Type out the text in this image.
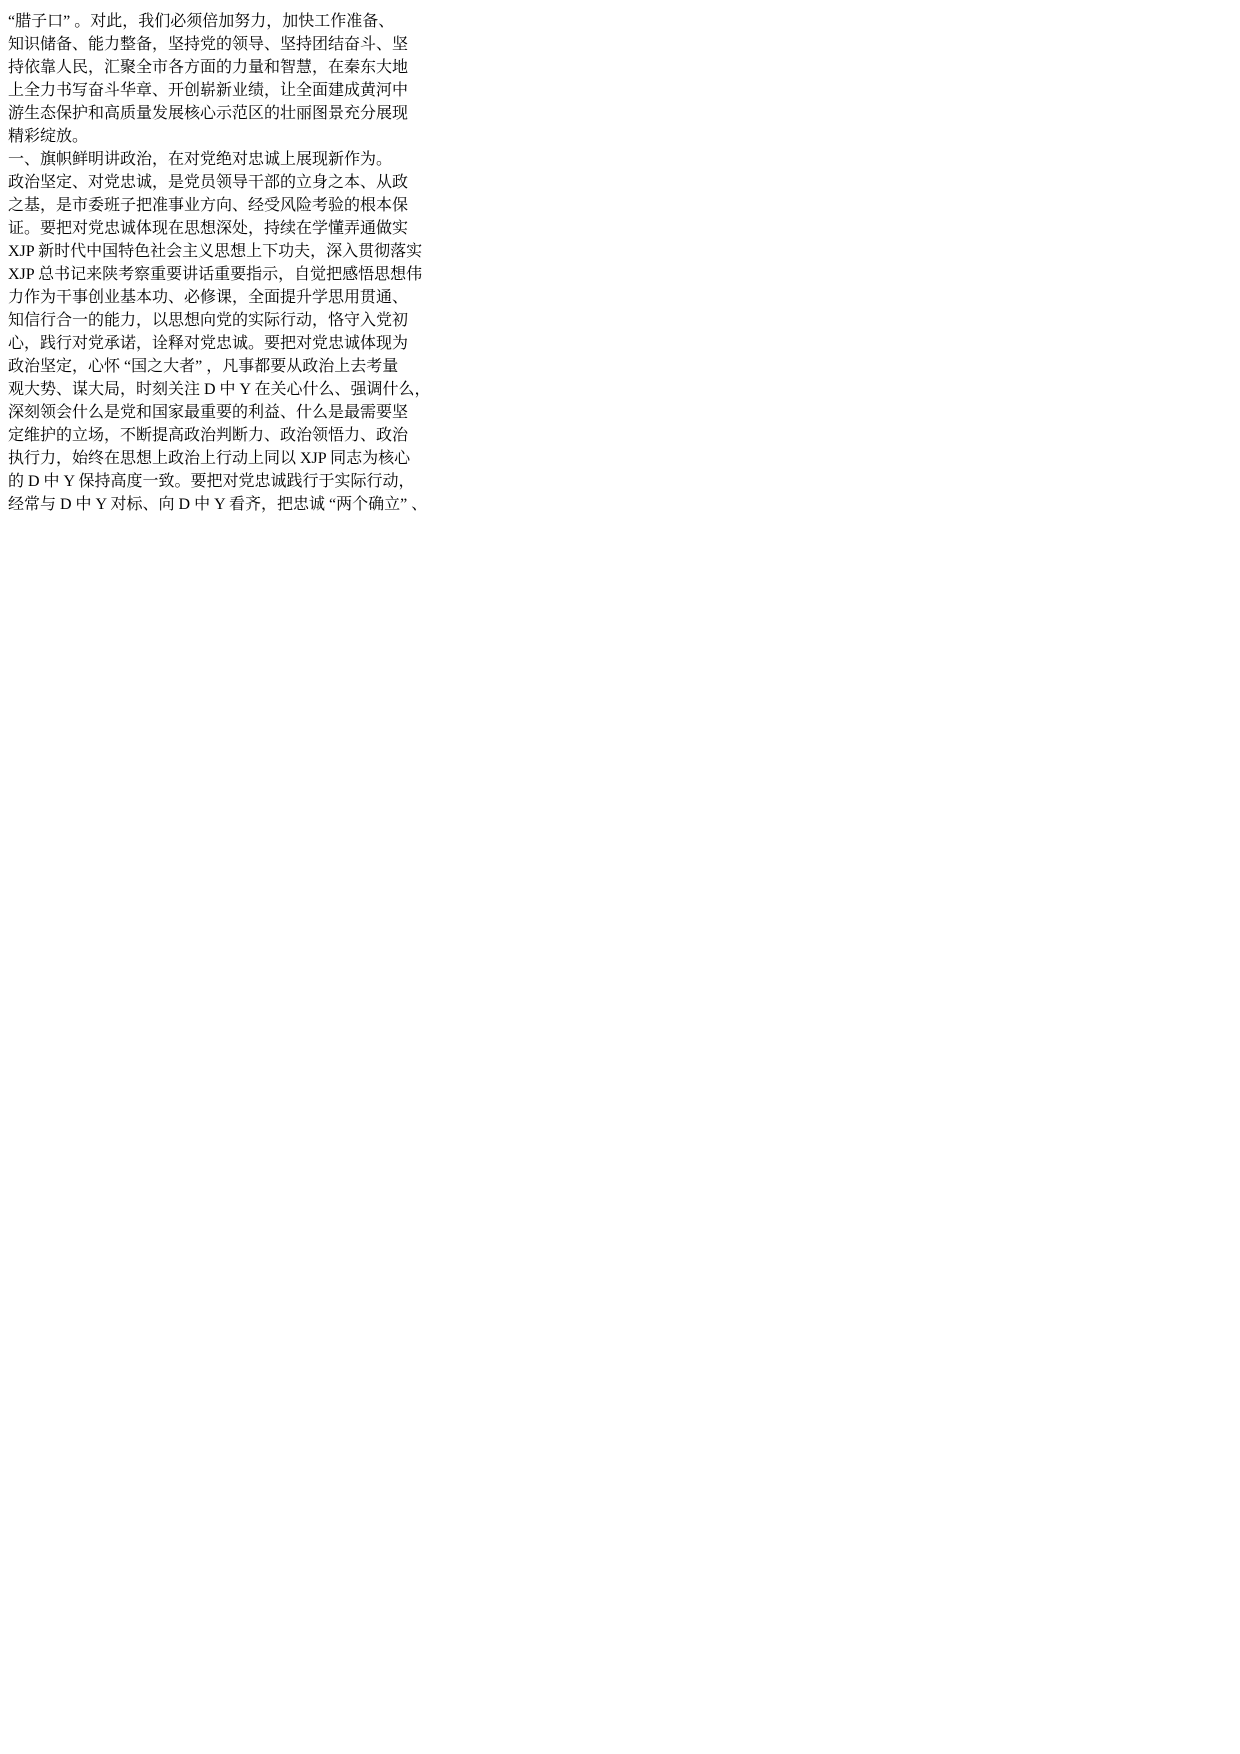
“腊子口” 。对此，我们必须倍加努力，加快工作准备、
知识储备、能力整备，坚持党的领导、坚持团结奋斗、坚
持依靠人民，汇聚全市各方面的力量和智慧，在秦东大地
上全力书写奋斗华章、开创崭新业绩，让全面建成黄河中
游生态保护和高质量发展核心示范区的壮丽图景充分展现
精彩绽放。
一、旗帜鲜明讲政治，在对党绝对忠诚上展现新作为。
政治坚定、对党忠诚，是党员领导干部的立身之本、从政
之基，是市委班子把准事业方向、经受风险考验的根本保
证。要把对党忠诚体现在思想深处，持续在学懂弄通做实
XJP 新时代中国特色社会主义思想上下功夫，深入贯彻落实
XJP 总书记来陕考察重要讲话重要指示，自觉把感悟思想伟
力作为干事创业基本功、必修课，全面提升学思用贯通、
知信行合一的能力，以思想向党的实际行动，恪守入党初
心，践行对党承诺，诠释对党忠诚。要把对党忠诚体现为
政治坚定，心怀 “国之大者” ，凡事都要从政治上去考量
观大势、谋大局，时刻关注 D 中 Y 在关心什么、强调什么，
深刻领会什么是党和国家最重要的利益、什么是最需要坚
定维护的立场，不断提高政治判断力、政治领悟力、政治
执行力，始终在思想上政治上行动上同以 XJP 同志为核心
的 D 中 Y 保持高度一致。要把对党忠诚践行于实际行动，
经常与 D 中 Y 对标、向 D 中 Y 看齐，把忠诚 “两个确立” 、
